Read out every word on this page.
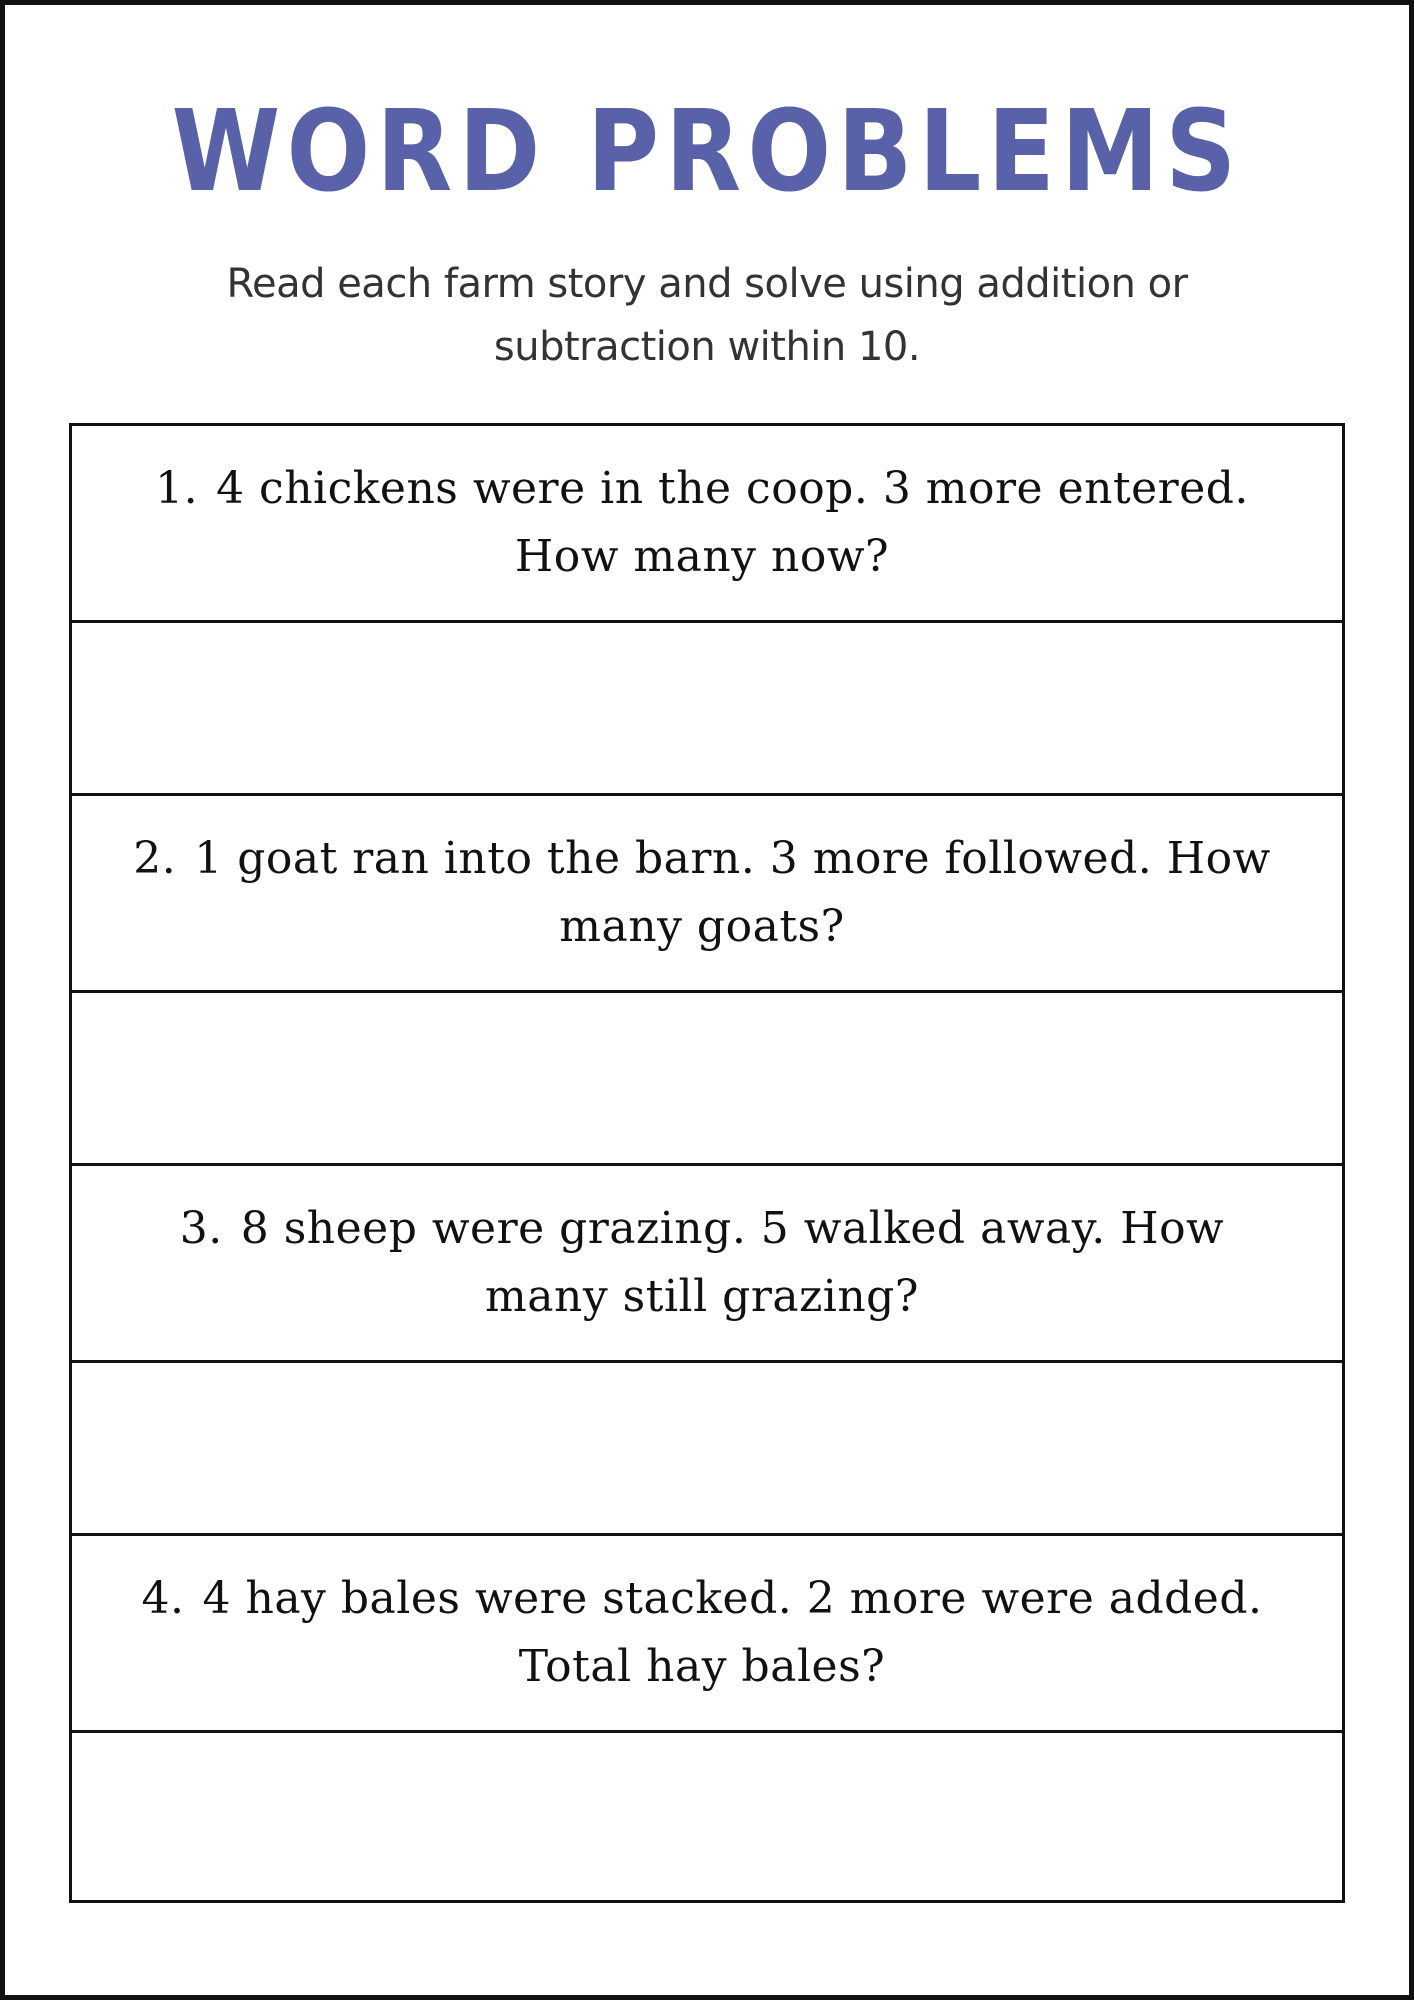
WORD PROBLEMS
Read each farm story and solve using addition or subtraction within 10.
1. 4 chickens were in the coop. 3 more entered. How many now?
2. 1 goat ran into the barn. 3 more followed. How many goats?
3. 8 sheep were grazing. 5 walked away. How many still grazing?
4. 4 hay bales were stacked. 2 more were added. Total hay bales?
